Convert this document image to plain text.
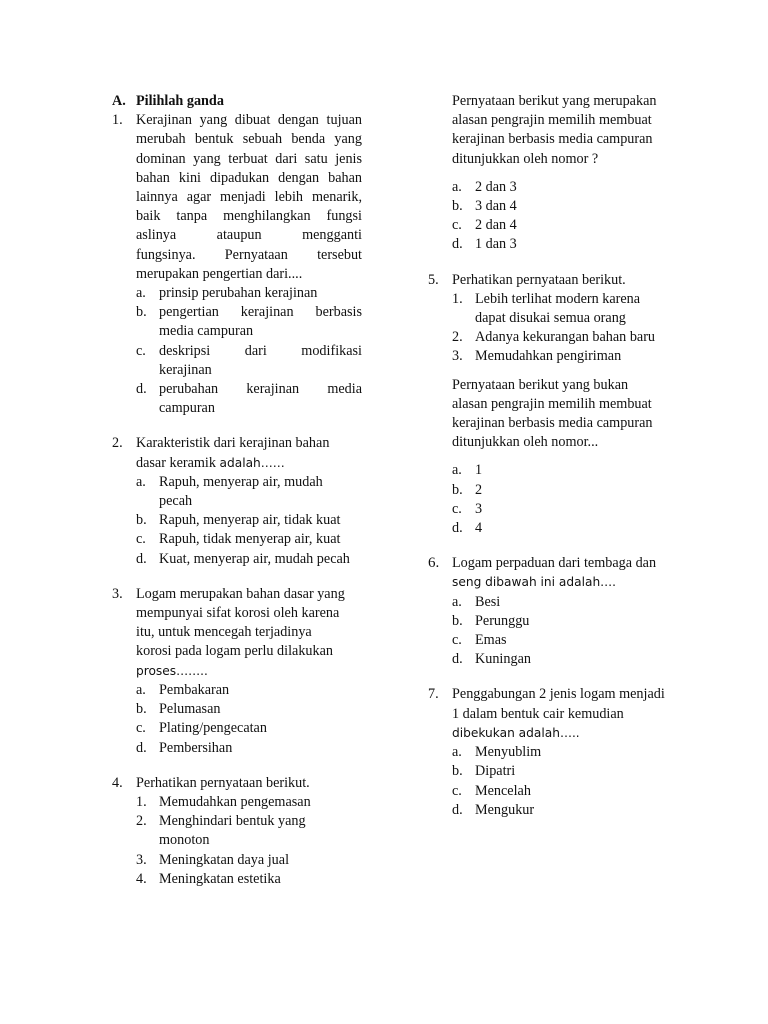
A. Pilihlah ganda
1. Kerajinan yang dibuat dengan tujuan
merubah bentuk sebuah benda yang
dominan yang terbuat dari satu jenis
bahan kini dipadukan dengan bahan
lainnya agar menjadi lebih menarik,
baik tanpa menghilangkan fungsi
aslinya ataupun mengganti
fungsinya. Pernyataan tersebut
merupakan pengertian dari....
a. prinsip perubahan kerajinan
b. pengertian kerajinan berbasis
media campuran
c. deskripsi dari modifikasi
kerajinan
d. perubahan kerajinan media
campuran
2. Karakteristik dari kerajinan bahan
dasar keramik adalah……
a. Rapuh, menyerap air, mudah
pecah
b. Rapuh, menyerap air, tidak kuat
c. Rapuh, tidak menyerap air, kuat
d. Kuat, menyerap air, mudah pecah
3. Logam merupakan bahan dasar yang
mempunyai sifat korosi oleh karena
itu, untuk mencegah terjadinya
korosi pada logam perlu dilakukan
proses……..
a. Pembakaran
b. Pelumasan
c. Plating/pengecatan
d. Pembersihan
4. Perhatikan pernyataan berikut.
1. Memudahkan pengemasan
2. Menghindari bentuk yang
monoton
3. Meningkatan daya jual
4. Meningkatan estetika
Pernyataan berikut yang merupakan
alasan pengrajin memilih membuat
kerajinan berbasis media campuran
ditunjukkan oleh nomor ?
a. 2 dan 3
b. 3 dan 4
c. 2 dan 4
d. 1 dan 3
5. Perhatikan pernyataan berikut.
1. Lebih terlihat modern karena
dapat disukai semua orang
2. Adanya kekurangan bahan baru
3. Memudahkan pengiriman
Pernyataan berikut yang bukan
alasan pengrajin memilih membuat
kerajinan berbasis media campuran
ditunjukkan oleh nomor...
a. 1
b. 2
c. 3
d. 4
6. Logam perpaduan dari tembaga dan
seng dibawah ini adalah….
a. Besi
b. Perunggu
c. Emas
d. Kuningan
7. Penggabungan 2 jenis logam menjadi
1 dalam bentuk cair kemudian
dibekukan adalah…..
a. Menyublim
b. Dipatri
c. Mencelah
d. Mengukur
